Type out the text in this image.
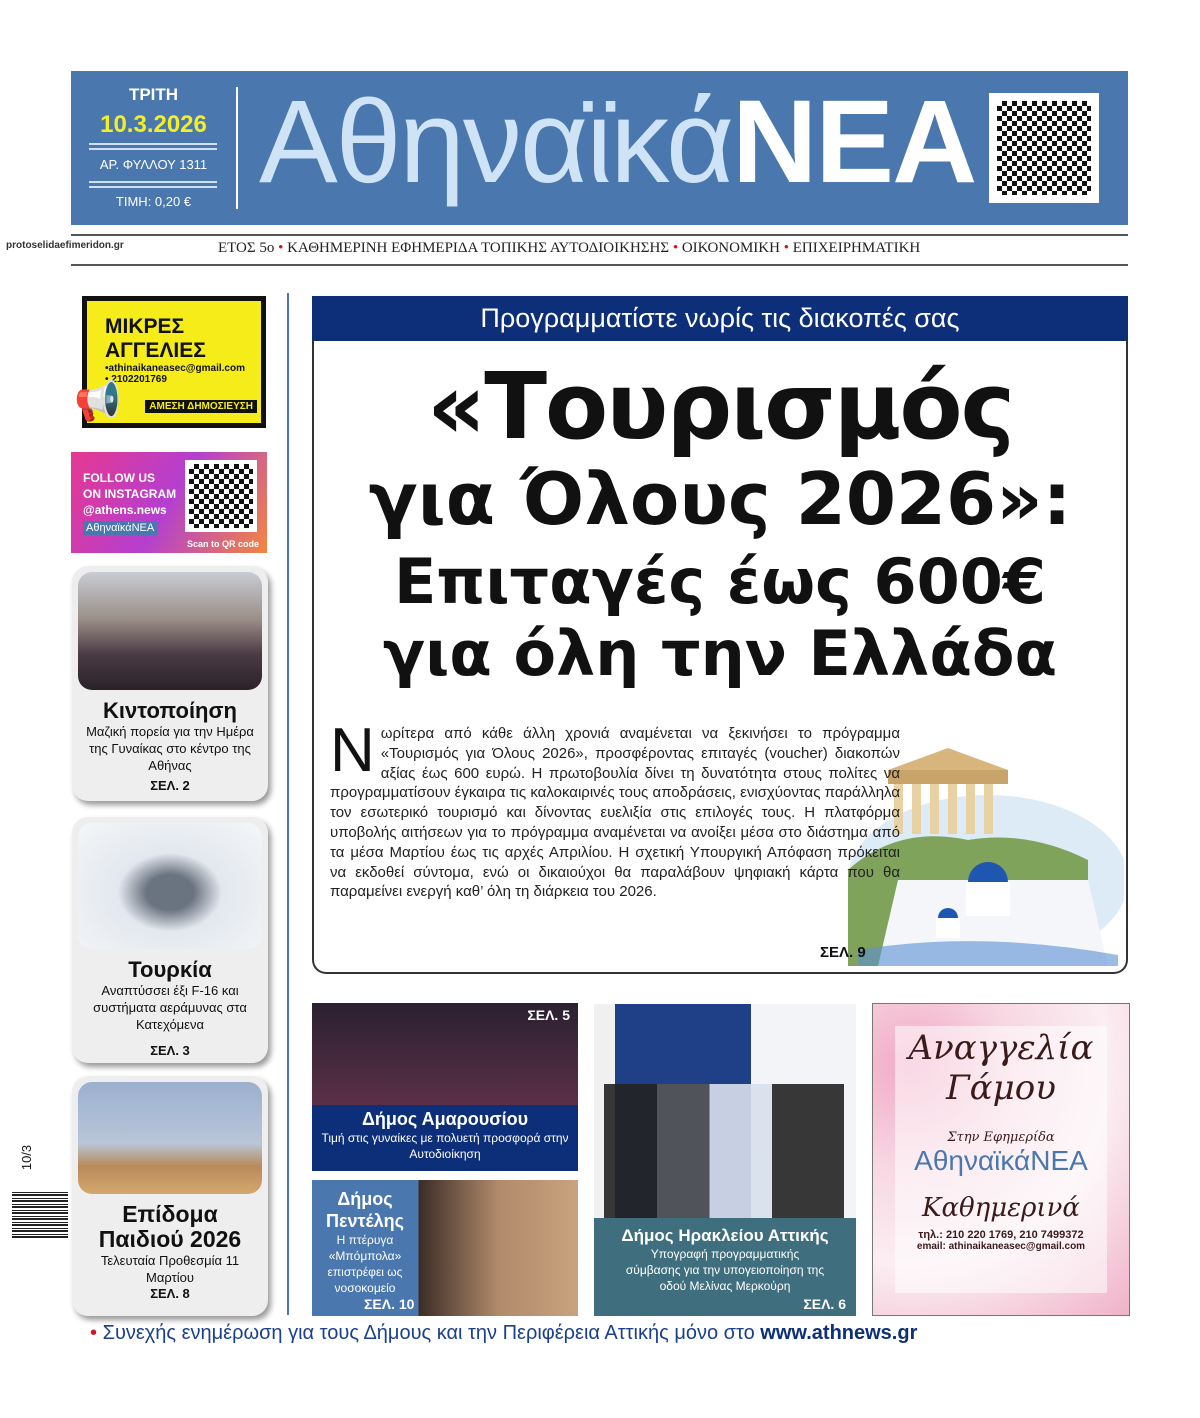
ΤΡΙΤΗ
10.3.2026
ΑΡ. ΦΥΛΛΟΥ 1311
ΤΙΜΗ: 0,20 € ΑθηναϊκάΝΕΑ
protoselidaefimeridon.gr	ΕΤΟΣ 5ο • ΚΑΘΗΜΕΡΙΝΗ ΕΦΗΜΕΡΙΔΑ ΤΟΠΙΚΗΣ ΑΥΤΟΔΙΟΙΚΗΣΗΣ • ΟΙΚΟΝΟΜΙΚΗ • ΕΠΙΧΕΙΡΗΜΑΤΙΚΗ
ΜΙΚΡΕΣ
ΑΓΓΕΛΙΕΣ

•athinaikaneasec@gmail.com

• 2102201769

ΑΜΕΣΗ ΔΗΜΟΣΙΕΥΣΗ
📢

FOLLOW US

ON INSTAGRAM

@athens.news

ΑθηναϊκάΝΕΑ
Scan to QR code
Κιντοποίηση

Μαζική πορεία για την Ημέρα της Γυναίκας στο κέντρο της Αθήνας

ΣΕΛ. 2
Τουρκία

Αναπτύσσει έξι F-16 και συστήματα αεράμυνας στα Κατεχόμενα

ΣΕΛ. 3
Επίδομα Παιδιού 2026

Τελευταία Προθεσμία 11 Μαρτίου

ΣΕΛ. 8
Προγραμματίστε νωρίς τις διακοπές σας
«Τουρισμός
για Όλους 2026»:
Επιταγές έως 600€
για όλη την Ελλάδα
Νωρίτερα από κάθε άλλη χρονιά αναμένεται να ξεκινήσει το πρόγραμμα «Τουρισμός για Όλους 2026», προσφέροντας επιταγές (voucher) διακοπών αξίας έως 600 ευρώ. Η πρωτοβουλία δίνει τη δυνατότητα στους πολίτες να προγραμματίσουν έγκαιρα τις καλοκαιρινές τους αποδράσεις, ενισχύοντας παράλληλα τον εσωτερικό τουρισμό και δίνοντας ευελιξία στις επιλογές τους. Η πλατφόρμα υποβολής αιτήσεων για το πρόγραμμα αναμένεται να ανοίξει μέσα στο διάστημα από τα μέσα Μαρτίου έως τις αρχές Απριλίου. Η σχετική Υπουργική Απόφαση πρόκειται να εκδοθεί σύντομα, ενώ οι δικαιούχοι θα παραλάβουν ψηφιακή κάρτα που θα παραμείνει ενεργή καθ’ όλη τη διάρκεια του 2026.
ΣΕΛ. 9
ΣΕΛ. 5
Δήμος Αμαρουσίου

Τιμή στις γυναίκες με πολυετή προσφορά στην Αυτοδιοίκηση

Δήμος Πεντέλης

Η πτέρυγα «Μπόμπολα» επιστρέφει ως νοσοκομείο

ΣΕΛ. 10
Δήμος Ηρακλείου Αττικής

Υπογραφή προγραμματικής σύμβασης για την υπογειοποίηση της οδού Μελίνας Μερκούρη

ΣΕΛ. 6
Αναγγελία
Γάμου
Στην Εφημερίδα
ΑθηναϊκάΝΕΑ
Καθημερινά
τηλ.: 210 220 1769, 210 7499372
email: athinaikaneasec@gmail.com
10/3
• Συνεχής ενημέρωση για τους Δήμους και την Περιφέρεια Αττικής μόνο στο www.athnews.gr
